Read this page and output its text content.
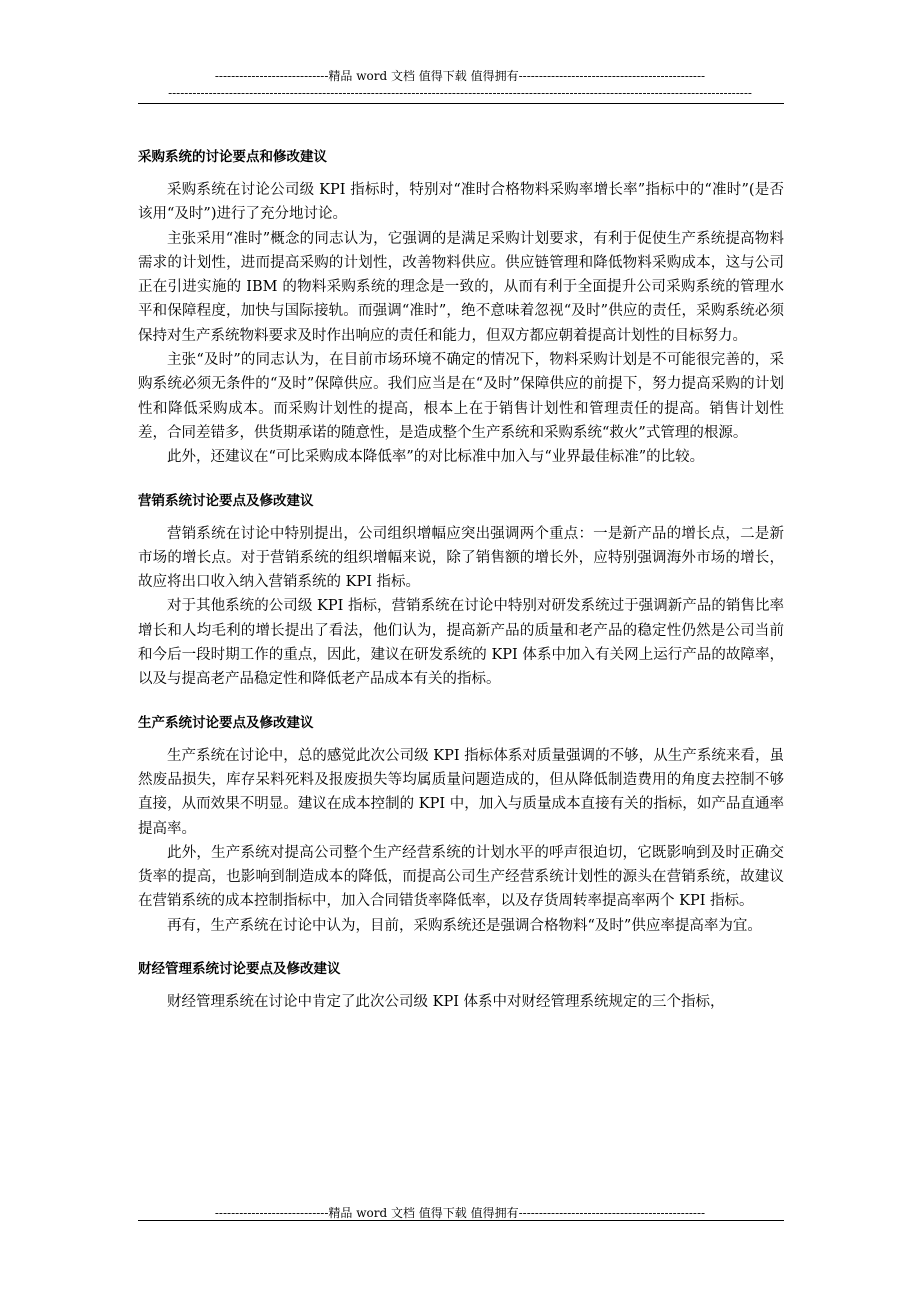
----------------------------精品 word 文档 值得下载 值得拥有----------------------------------------------
------------------------------------------------------------------------------------------------------------------------------------------------
采购系统的讨论要点和修改建议

采购系统在讨论公司级 KPI 指标时，特别对“准时合格物料采购率增长率”指标中的“准时”(是否该用“及时”)进行了充分地讨论。

主张采用“准时”概念的同志认为，它强调的是满足采购计划要求，有利于促使生产系统提高物料需求的计划性，进而提高采购的计划性，改善物料供应。供应链管理和降低物料采购成本，这与公司正在引进实施的 IBM 的物料采购系统的理念是一致的，从而有利于全面提升公司采购系统的管理水平和保障程度，加快与国际接轨。而强调“准时”，绝不意味着忽视“及时”供应的责任，采购系统必须保持对生产系统物料要求及时作出响应的责任和能力，但双方都应朝着提高计划性的目标努力。

主张“及时”的同志认为，在目前市场环境不确定的情况下，物料采购计划是不可能很完善的，采购系统必须无条件的“及时”保障供应。我们应当是在“及时”保障供应的前提下，努力提高采购的计划性和降低采购成本。而采购计划性的提高，根本上在于销售计划性和管理责任的提高。销售计划性差，合同差错多，供货期承诺的随意性，是造成整个生产系统和采购系统“救火”式管理的根源。

此外，还建议在“可比采购成本降低率”的对比标准中加入与“业界最佳标准”的比较。

营销系统讨论要点及修改建议

营销系统在讨论中特别提出，公司组织增幅应突出强调两个重点：一是新产品的增长点，二是新市场的增长点。对于营销系统的组织增幅来说，除了销售额的增长外，应特别强调海外市场的增长，故应将出口收入纳入营销系统的 KPI 指标。

对于其他系统的公司级 KPI 指标，营销系统在讨论中特别对研发系统过于强调新产品的销售比率增长和人均毛利的增长提出了看法，他们认为，提高新产品的质量和老产品的稳定性仍然是公司当前和今后一段时期工作的重点，因此，建议在研发系统的 KPI 体系中加入有关网上运行产品的故障率，以及与提高老产品稳定性和降低老产品成本有关的指标。

生产系统讨论要点及修改建议

生产系统在讨论中，总的感觉此次公司级 KPI 指标体系对质量强调的不够，从生产系统来看，虽然废品损失，库存呆料死料及报废损失等均属质量问题造成的，但从降低制造费用的角度去控制不够直接，从而效果不明显。建议在成本控制的 KPI 中，加入与质量成本直接有关的指标，如产品直通率提高率。

此外，生产系统对提高公司整个生产经营系统的计划水平的呼声很迫切，它既影响到及时正确交货率的提高，也影响到制造成本的降低，而提高公司生产经营系统计划性的源头在营销系统，故建议在营销系统的成本控制指标中，加入合同错货率降低率，以及存货周转率提高率两个 KPI 指标。

再有，生产系统在讨论中认为，目前，采购系统还是强调合格物料“及时”供应率提高率为宜。

财经管理系统讨论要点及修改建议

财经管理系统在讨论中肯定了此次公司级 KPI 体系中对财经管理系统规定的三个指标，

----------------------------精品 word 文档 值得下载 值得拥有----------------------------------------------
